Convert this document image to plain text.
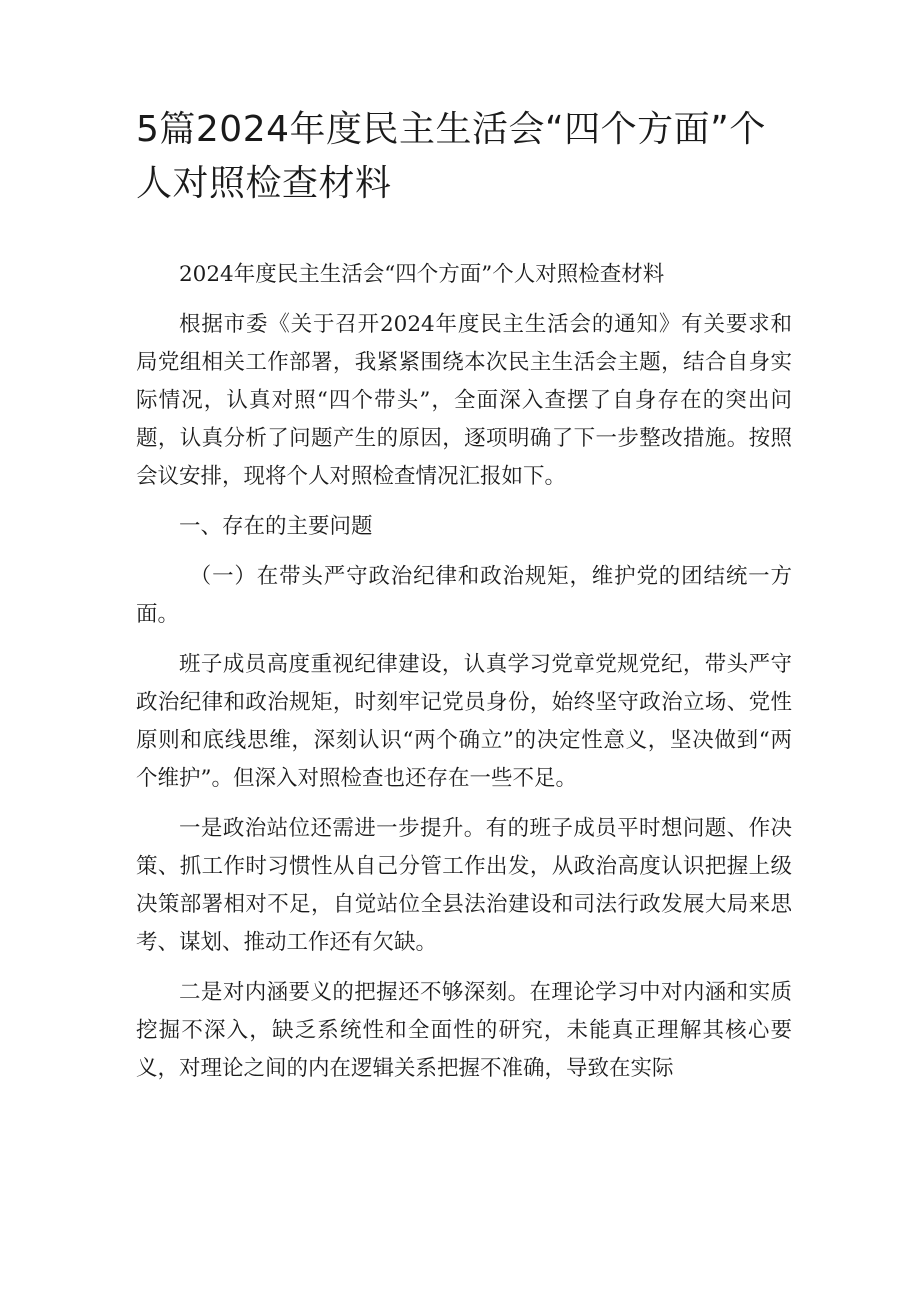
5篇2024年度民主生活会“四个方面”个人对照检查材料

2024年度民主生活会“四个方面”个人对照检查材料

根据市委《关于召开2024年度民主生活会的通知》有关要求和局党组相关工作部署，我紧紧围绕本次民主生活会主题，结合自身实际情况，认真对照“四个带头”，全面深入查摆了自身存在的突出问题，认真分析了问题产生的原因，逐项明确了下一步整改措施。按照会议安排，现将个人对照检查情况汇报如下。

一、存在的主要问题

（一）在带头严守政治纪律和政治规矩，维护党的团结统一方面。

班子成员高度重视纪律建设，认真学习党章党规党纪，带头严守政治纪律和政治规矩，时刻牢记党员身份，始终坚守政治立场、党性原则和底线思维，深刻认识“两个确立”的决定性意义，坚决做到“两个维护”。但深入对照检查也还存在一些不足。

一是政治站位还需进一步提升。有的班子成员平时想问题、作决策、抓工作时习惯性从自己分管工作出发，从政治高度认识把握上级决策部署相对不足，自觉站位全县法治建设和司法行政发展大局来思考、谋划、推动工作还有欠缺。

二是对内涵要义的把握还不够深刻。在理论学习中对内涵和实质挖掘不深入，缺乏系统性和全面性的研究，未能真正理解其核心要义，对理论之间的内在逻辑关系把握不准确，导致在实际
